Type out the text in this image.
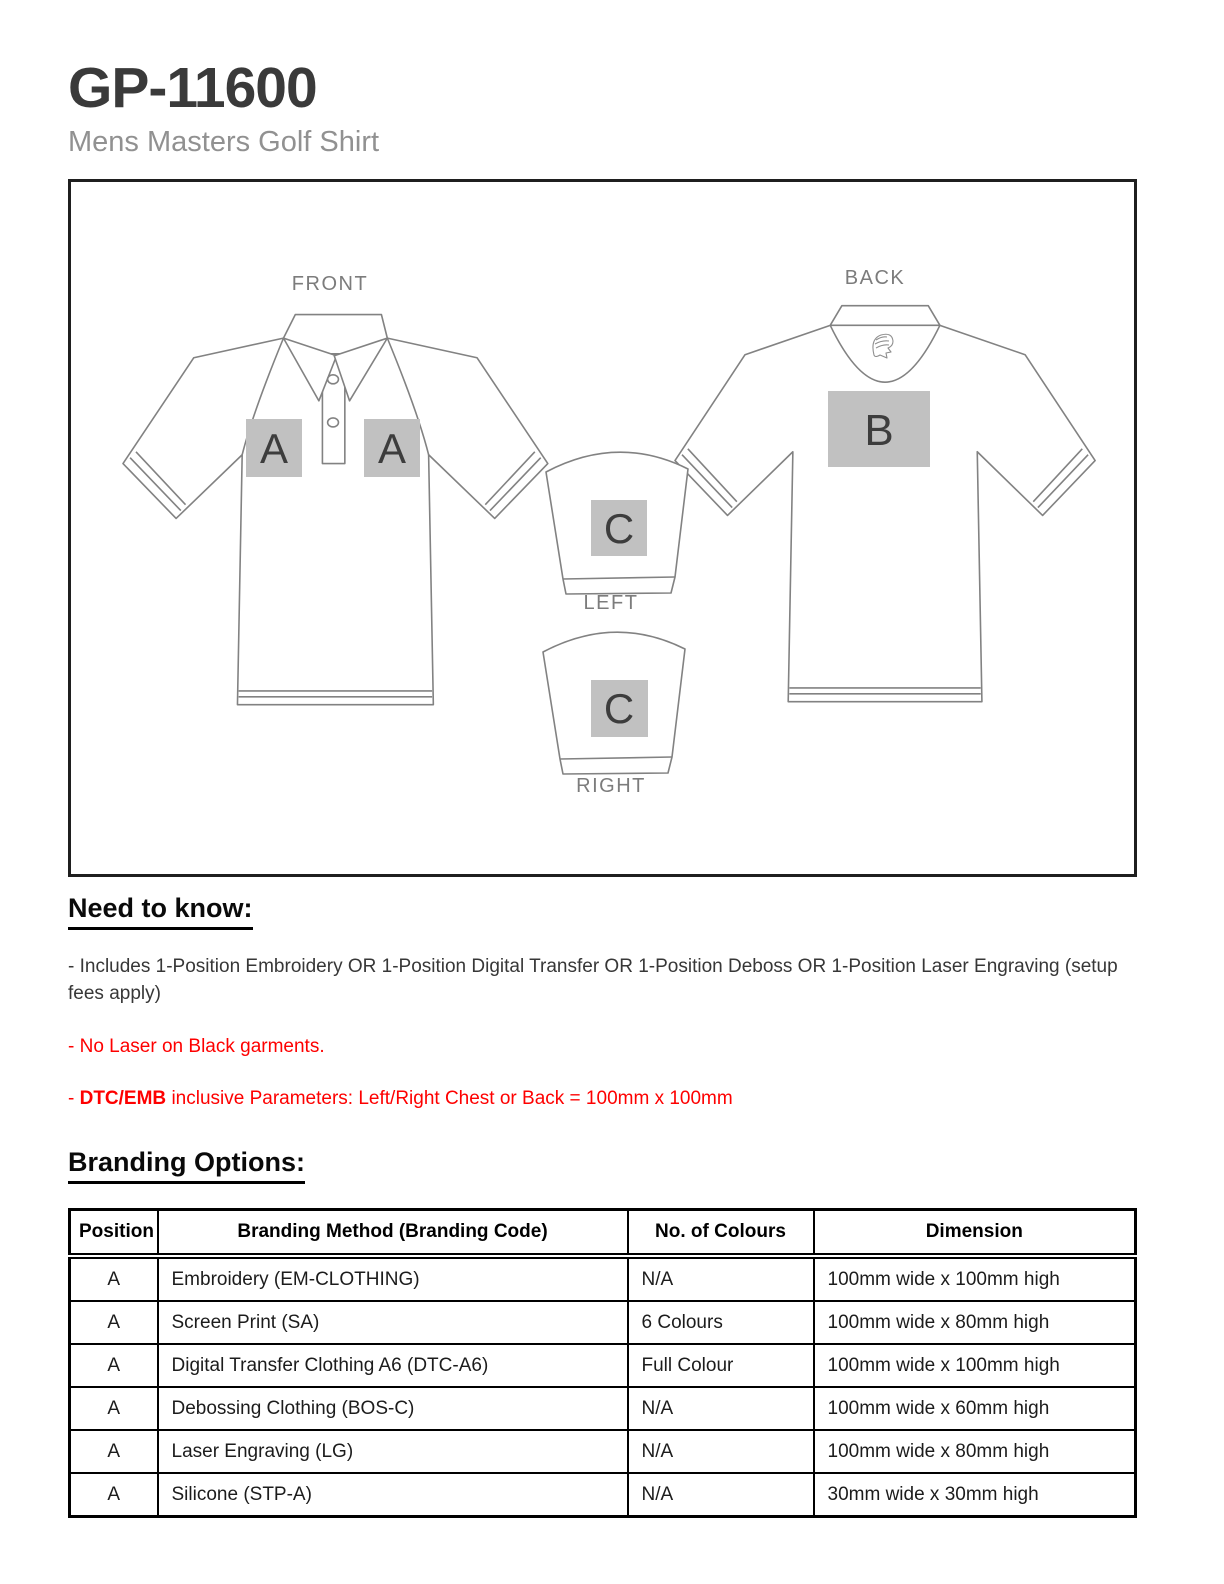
GP-11600
Mens Masters Golf Shirt
A A	B
C
C
FRONT	BACK
LEFT
RIGHT
Need to know:

- Includes 1-Position Embroidery OR 1-Position Digital Transfer OR 1-Position Deboss OR 1-Position Laser Engraving (setup fees apply)

- No Laser on Black garments.

- DTC/EMB inclusive Parameters: Left/Right Chest or Back = 100mm x 100mm

Branding Options:
Position	Branding Method (Branding Code)	No. of Colours	Dimension
A	Embroidery (EM-CLOTHING)	N/A	100mm wide x 100mm high
A	Screen Print (SA)	6 Colours	100mm wide x 80mm high
A	Digital Transfer Clothing A6 (DTC-A6)	Full Colour	100mm wide x 100mm high
A	Debossing Clothing (BOS-C)	N/A	100mm wide x 60mm high
A	Laser Engraving (LG)	N/A	100mm wide x 80mm high
A	Silicone (STP-A)	N/A	30mm wide x 30mm high
